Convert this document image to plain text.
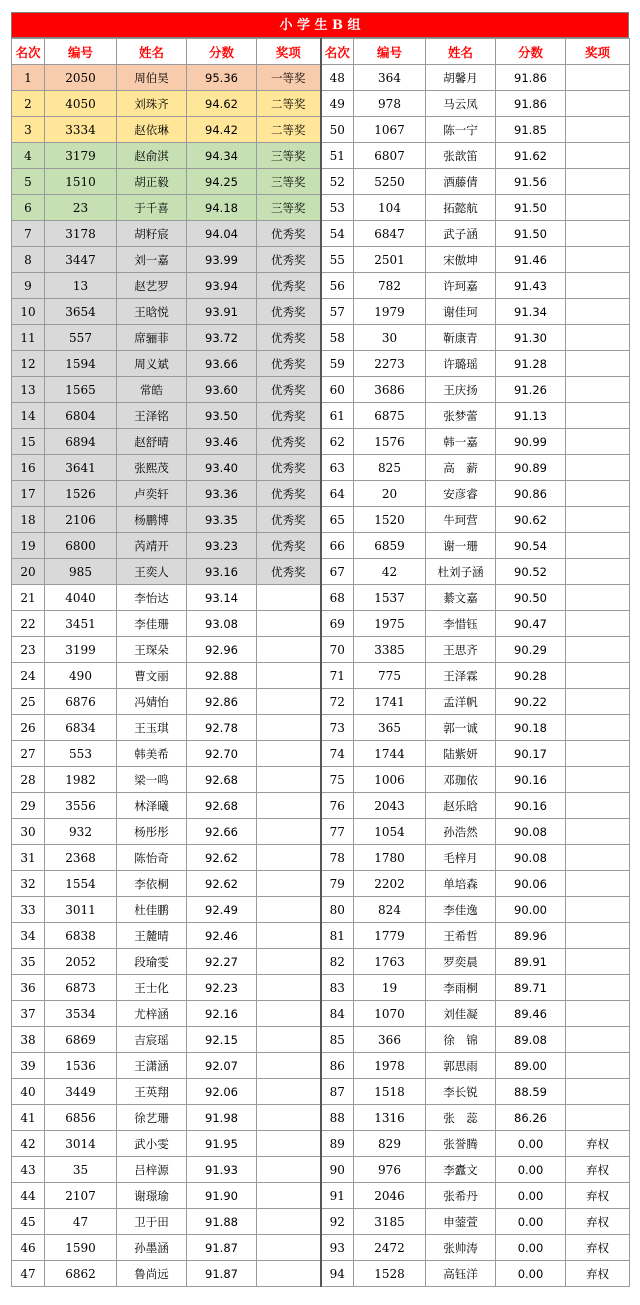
小 学 生 B 组
名次	编号	姓名	分数	奖项	名次	编号	姓名	分数	奖项
1	2050	周伯昊	95.36	一等奖	48	364	胡馨月	91.86	
2	4050	刘珠齐	94.62	二等奖	49	978	马云凤	91.86	
3	3334	赵依琳	94.42	二等奖	50	1067	陈一宁	91.85	
4	3179	赵俞淇	94.34	三等奖	51	6807	张歆笛	91.62	
5	1510	胡正毅	94.25	三等奖	52	5250	酒藤倩	91.56	
6	23	于千喜	94.18	三等奖	53	104	拓懿航	91.50	
7	3178	胡籽宸	94.04	优秀奖	54	6847	武子涵	91.50	
8	3447	刘一嘉	93.99	优秀奖	55	2501	宋傲坤	91.46	
9	13	赵艺罗	93.94	优秀奖	56	782	许珂嘉	91.43	
10	3654	王晗悦	93.91	优秀奖	57	1979	谢佳珂	91.34	
11	557	席骊菲	93.72	优秀奖	58	30	靳康青	91.30	
12	1594	周义斌	93.66	优秀奖	59	2273	许璐瑶	91.28	
13	1565	常皓	93.60	优秀奖	60	3686	王庆扬	91.26	
14	6804	王泽铭	93.50	优秀奖	61	6875	张梦蕾	91.13	
15	6894	赵舒晴	93.46	优秀奖	62	1576	韩一嘉	90.99	
16	3641	张熙茂	93.40	优秀奖	63	825	高　薪	90.89	
17	1526	卢奕轩	93.36	优秀奖	64	20	安彦睿	90.86	
18	2106	杨鹏博	93.35	优秀奖	65	1520	牛珂营	90.62	
19	6800	芮靖开	93.23	优秀奖	66	6859	谢一珊	90.54	
20	985	王奕人	93.16	优秀奖	67	42	杜刘子涵	90.52	
21	4040	李怡达	93.14		68	1537	綦文嘉	90.50	
22	3451	李佳珊	93.08		69	1975	李惜钰	90.47	
23	3199	王琛朵	92.96		70	3385	王思齐	90.29	
24	490	曹文丽	92.88		71	775	王泽霖	90.28	
25	6876	冯婧怡	92.86		72	1741	孟洋帆	90.22	
26	6834	王玉琪	92.78		73	365	郭一诚	90.18	
27	553	韩美希	92.70		74	1744	陆紫妍	90.17	
28	1982	梁一鸣	92.68		75	1006	邓珈依	90.16	
29	3556	林泽曦	92.68		76	2043	赵乐晗	90.16	
30	932	杨彤彤	92.66		77	1054	孙浩然	90.08	
31	2368	陈怡奇	92.62		78	1780	毛梓月	90.08	
32	1554	李依桐	92.62		79	2202	单培森	90.06	
33	3011	杜佳鹏	92.49		80	824	李佳逸	90.00	
34	6838	王麓晴	92.46		81	1779	王希哲	89.96	
35	2052	段瑜雯	92.27		82	1763	罗奕晨	89.91	
36	6873	王士化	92.23		83	19	李雨桐	89.71	
37	3534	尤梓涵	92.16		84	1070	刘佳凝	89.46	
38	6869	吉宸瑶	92.15		85	366	徐　锦	89.08	
39	1536	王潇涵	92.07		86	1978	郭思雨	89.00	
40	3449	王英翔	92.06		87	1518	李长锐	88.59	
41	6856	徐艺珊	91.98		88	1316	张　蕊	86.26	
42	3014	武小雯	91.95		89	829	张誉腾	0.00	弃权
43	35	吕梓源	91.93		90	976	李蠹文	0.00	弃权
44	2107	谢璟瑜	91.90		91	2046	张希丹	0.00	弃权
45	47	卫于田	91.88		92	3185	申蓥萱	0.00	弃权
46	1590	孙墨涵	91.87		93	2472	张帅涛	0.00	弃权
47	6862	鲁尚远	91.87		94	1528	高钰洋	0.00	弃权
